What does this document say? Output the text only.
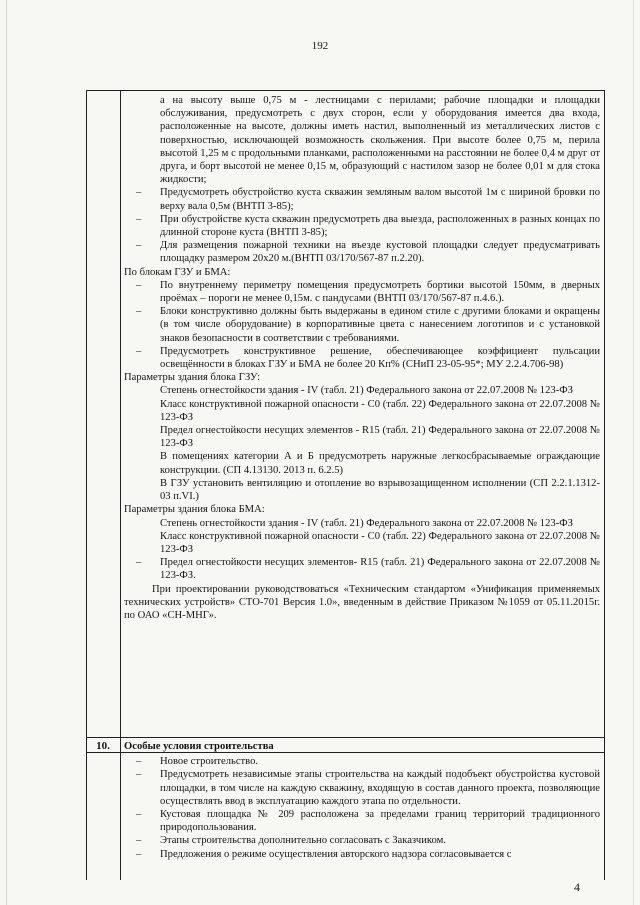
192

а на высоту выше 0,75 м - лестницами с перилами; рабочие площадки и площадки обслуживания, предусмотреть с двух сторон, если у оборудования имеется два входа, расположенные на высоте, должны иметь настил, выполненный из металлических листов с поверхностью, исключающей возможность скольжения. При высоте более 0,75 м, перила высотой 1,25 м с продольными планками, расположенными на расстоянии не более 0,4 м друг от друга, и борт высотой не менее 0,15 м, образующий с настилом зазор не более 0,01 м для стока жидкости;

– Предусмотреть обустройство куста скважин земляным валом высотой 1м с шириной бровки по верху вала 0,5м (ВНТП 3-85);

– При обустройстве куста скважин предусмотреть два выезда, расположенных в разных концах по длинной стороне куста (ВНТП 3-85);

– Для размещения пожарной техники на въезде кустовой площадки следует предусматривать площадку размером 20х20 м.(ВНТП 03/170/567-87 п.2.20).

По блокам ГЗУ и БМА:

– По внутреннему периметру помещения предусмотреть бортики высотой 150мм, в дверных проёмах – пороги не менее 0,15м. с пандусами (ВНТП 03/170/567-87 п.4.6.).

– Блоки конструктивно должны быть выдержаны в едином стиле с другими блоками и окращены (в том числе оборудование) в корпоративные цвета с нанесением логотипов и с установкой знаков безопасности в соответствии с требованиями.

– Предусмотреть конструктивное решение, обеспечивающее коэффициент пульсации освещённости в блоках ГЗУ и БМА не более 20 Кп% (СНиП 23-05-95*; МУ 2.2.4.706-98)

Параметры здания блока ГЗУ:

Степень огнестойкости здания - IV (табл. 21) Федерального закона от 22.07.2008 № 123-ФЗ

Класс конструктивной пожарной опасности - С0 (табл. 22) Федерального закона от 22.07.2008 № 123-ФЗ

Предел огнестойкости несущих элементов - R15 (табл. 21) Федерального закона от 22.07.2008 № 123-ФЗ

В помещениях категории А и Б предусмотреть наружные легкосбрасываемые ограждающие конструкции. (СП 4.13130. 2013 п. 6.2.5)

В ГЗУ установить вентиляцию и отопление во взрывозащищенном исполнении (СП 2.2.1.1312-03 п.VI.)

Параметры здания блока БМА:

Степень огнестойкости здания - IV (табл. 21) Федерального закона от 22.07.2008 № 123-ФЗ

Класс конструктивной пожарной опасности - С0 (табл. 22) Федерального закона от 22.07.2008 № 123-ФЗ

– Предел огнестойкости несущих элементов- R15 (табл. 21) Федерального закона от 22.07.2008 № 123-ФЗ.

При проектировании руководствоваться «Техническим стандартом «Унификация применяемых технических устройств» СТО-701 Версия 1.0», введенным в действие Приказом №1059 от 05.11.2015г. по ОАО «СН-МНГ».

10.	Особые условия строительства

– Новое строительство.

– Предусмотреть независимые этапы строительства на каждый подобъект обустройства кустовой площадки, в том числе на каждую скважину, входящую в состав данного проекта, позволяющие осуществлять ввод в эксплуатацию каждого этапа по отдельности.

– Кустовая площадка № 209 расположена за пределами границ территорий традиционного природопользования.

– Этапы строительства дополнительно согласовать с Заказчиком.

– Предложения о режиме осуществления авторского надзора согласовывается с

4
